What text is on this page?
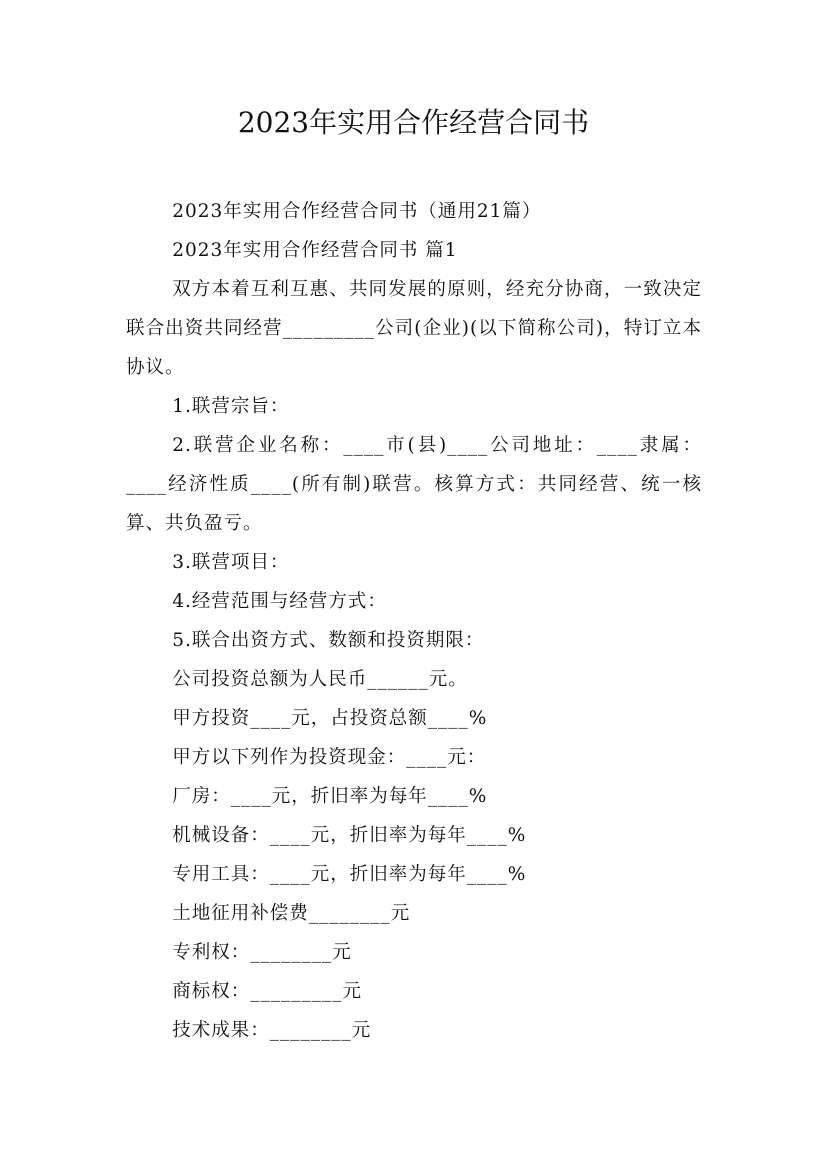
2023年实用合作经营合同书

2023年实用合作经营合同书（通用21篇）

2023年实用合作经营合同书 篇1

双方本着互利互惠、共同发展的原则，经充分协商，一致决定联合出资共同经营_________公司(企业)(以下简称公司)，特订立本协议。

1.联营宗旨：

2.联营企业名称：____市(县)____公司地址：____隶属：____经济性质____(所有制)联营。核算方式：共同经营、统一核算、共负盈亏。

3.联营项目：

4.经营范围与经营方式：

5.联合出资方式、数额和投资期限：

公司投资总额为人民币______元。

甲方投资____元，占投资总额____%

甲方以下列作为投资现金：____元：

厂房：____元，折旧率为每年____%

机械设备：____元，折旧率为每年____%

专用工具：____元，折旧率为每年____%

土地征用补偿费________元

专利权：________元

商标权：_________元

技术成果：________元
